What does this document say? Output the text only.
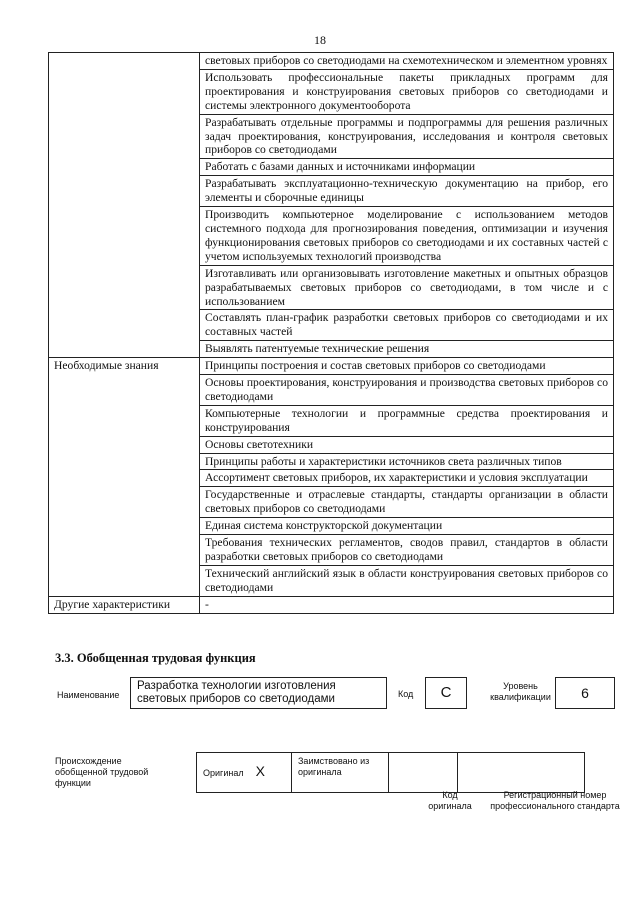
18
	световых приборов со светодиодами на схемотехническом и элементном уровнях
	Использовать профессиональные пакеты прикладных программ для проектирования и конструирования световых приборов со светодиодами и системы электронного документооборота
	Разрабатывать отдельные программы и подпрограммы для решения различных задач проектирования, конструирования, исследования и контроля световых приборов со светодиодами
	Работать с базами данных и источниками информации
	Разрабатывать эксплуатационно-техническую документацию на прибор, его элементы и сборочные единицы
	Производить компьютерное моделирование с использованием методов системного подхода для прогнозирования поведения, оптимизации и изучения функционирования световых приборов со светодиодами и их составных частей с учетом используемых технологий производства
	Изготавливать или организовывать изготовление макетных и опытных образцов разрабатываемых световых приборов со светодиодами, в том числе и с использованием
	Составлять план-график разработки световых приборов со светодиодами и их составных частей
	Выявлять патентуемые технические решения
Необходимые знания	Принципы построения и состав световых приборов со светодиодами
	Основы проектирования, конструирования и производства световых приборов со светодиодами
	Компьютерные технологии и программные средства проектирования и конструирования
	Основы светотехники
	Принципы работы и характеристики источников света различных типов
	Ассортимент световых приборов, их характеристики и условия эксплуатации
	Государственные и отраслевые стандарты, стандарты организации в области световых приборов со светодиодами
	Единая система конструкторской документации
	Требования технических регламентов, сводов правил, стандартов в области разработки световых приборов со светодиодами
	Технический английский язык в области конструирования световых приборов со светодиодами
Другие характеристики	-
3.3. Обобщенная трудовая функция
Наименование
Разработка технологии изготовления световых приборов со светодиодами	Код	C	Уровень квалификации	6
Происхождение обобщенной трудовой функции
Оригинал X	Заимствовано из оригинала		
Код оригинала
Регистрационный номер профессионального стандарта
